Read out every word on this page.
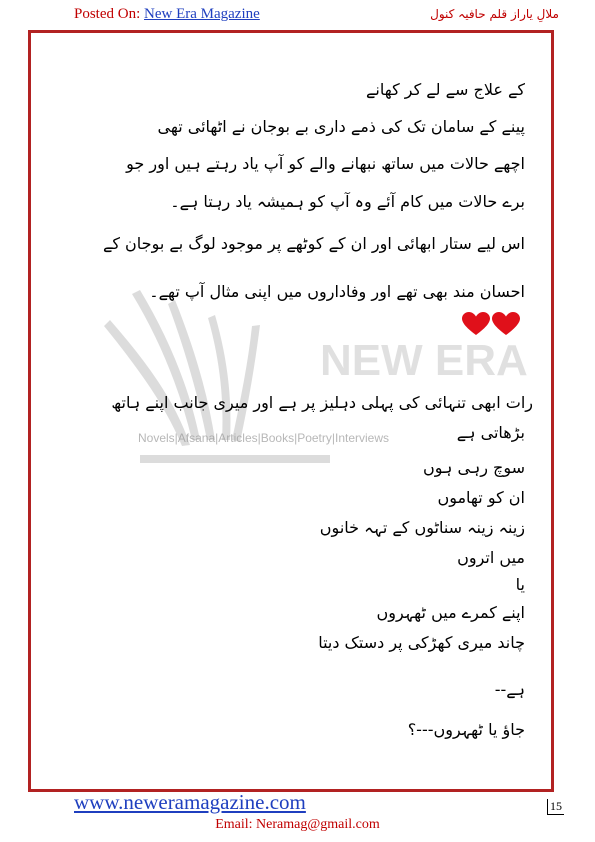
Posted On: New Era Magazine	ملالِ یاراز قلم حافیہ کنول
NEW ERA
Novels|Afsana|Articles|Books|Poetry|Interviews
کے علاج سے لے کر کھانے
پینے کے سامان تک کی ذمے داری بے بوجان نے اٹھائی تھی
اچھے حالات میں ساتھ نبھانے والے کو آپ یاد رہتے ہیں اور جو
برے حالات میں کام آئے وہ آپ کو ہمیشہ یاد رہتا ہے۔
اس لیے ستار ابھائی اور ان کے کوٹھے پر موجود لوگ بے بوجان کے
احسان مند بھی تھے اور وفاداروں میں اپنی مثال آپ تھے۔
رات ابھی تنہائی کی پہلی دہلیز پر ہے اور میری جانب اپنے ہاتھ
بڑھاتی ہے
سوچ رہی ہوں
ان کو تھاموں
زینہ زینہ سناٹوں کے تہہ خانوں
میں اتروں
یا
اپنے کمرے میں ٹھہروں
چاند میری کھڑکی پر دستک دیتا
ہے--
جاؤ یا ٹھہروں---؟
www.neweramagazine.com	15
Email: Neramag@gmail.com
